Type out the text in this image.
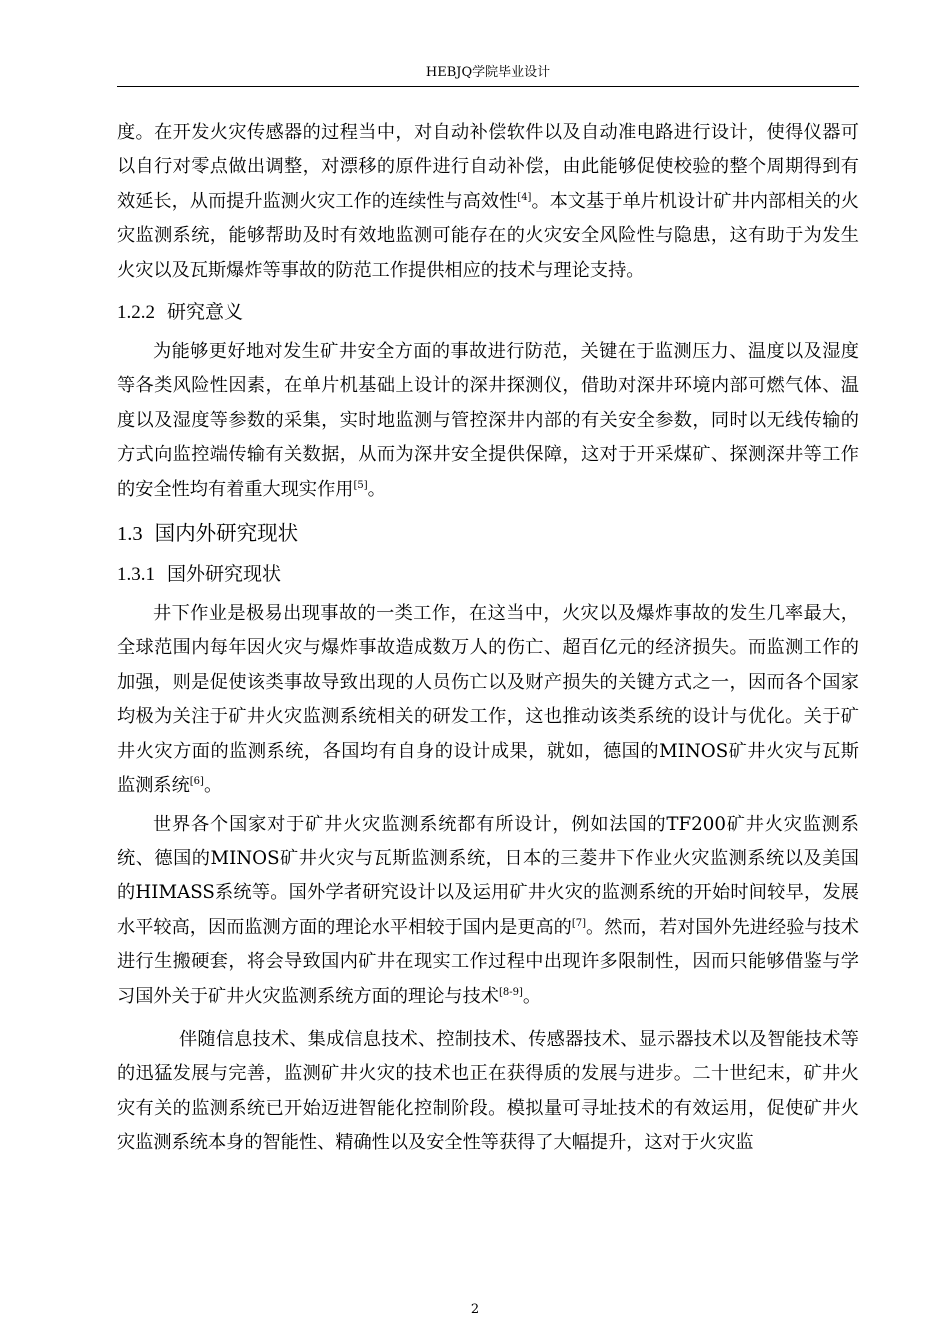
HEBJQ学院毕业设计

度。在开发火灾传感器的过程当中，对自动补偿软件以及自动准电路进行设计，使得仪器可以自行对零点做出调整，对漂移的原件进行自动补偿，由此能够促使校验的整个周期得到有效延长，从而提升监测火灾工作的连续性与高效性[4]。本文基于单片机设计矿井内部相关的火灾监测系统，能够帮助及时有效地监测可能存在的火灾安全风险性与隐患，这有助于为发生火灾以及瓦斯爆炸等事故的防范工作提供相应的技术与理论支持。

1.2.2 研究意义

为能够更好地对发生矿井安全方面的事故进行防范，关键在于监测压力、温度以及湿度等各类风险性因素，在单片机基础上设计的深井探测仪，借助对深井环境内部可燃气体、温度以及湿度等参数的采集，实时地监测与管控深井内部的有关安全参数，同时以无线传输的方式向监控端传输有关数据，从而为深井安全提供保障，这对于开采煤矿、探测深井等工作的安全性均有着重大现实作用[5]。

1.3 国内外研究现状
1.3.1 国外研究现状

井下作业是极易出现事故的一类工作，在这当中，火灾以及爆炸事故的发生几率最大，全球范围内每年因火灾与爆炸事故造成数万人的伤亡、超百亿元的经济损失。而监测工作的加强，则是促使该类事故导致出现的人员伤亡以及财产损失的关键方式之一，因而各个国家均极为关注于矿井火灾监测系统相关的研发工作，这也推动该类系统的设计与优化。关于矿井火灾方面的监测系统，各国均有自身的设计成果，就如，德国的MINOS矿井火灾与瓦斯监测系统[6]。

世界各个国家对于矿井火灾监测系统都有所设计，例如法国的TF200矿井火灾监测系统、德国的MINOS矿井火灾与瓦斯监测系统，日本的三菱井下作业火灾监测系统以及美国的HIMASS系统等。国外学者研究设计以及运用矿井火灾的监测系统的开始时间较早，发展水平较高，因而监测方面的理论水平相较于国内是更高的[7]。然而，若对国外先进经验与技术进行生搬硬套，将会导致国内矿井在现实工作过程中出现许多限制性，因而只能够借鉴与学习国外关于矿井火灾监测系统方面的理论与技术[8-9]。

伴随信息技术、集成信息技术、控制技术、传感器技术、显示器技术以及智能技术等的迅猛发展与完善，监测矿井火灾的技术也正在获得质的发展与进步。二十世纪末，矿井火灾有关的监测系统已开始迈进智能化控制阶段。模拟量可寻址技术的有效运用，促使矿井火灾监测系统本身的智能性、精确性以及安全性等获得了大幅提升，这对于火灾监

2
